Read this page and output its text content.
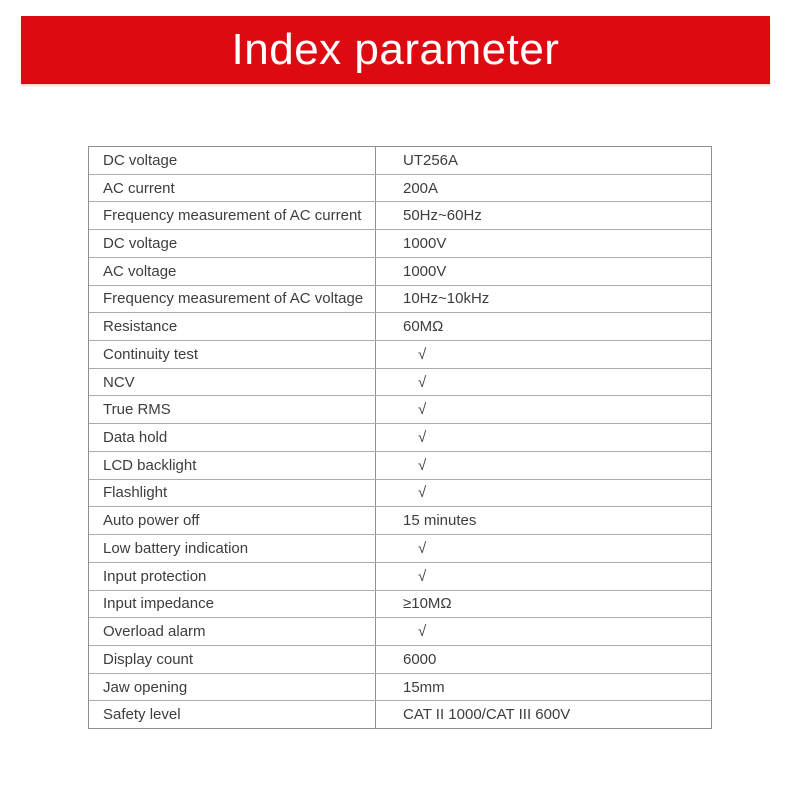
Index parameter
DC voltage	UT256A
AC current	200A
Frequency measurement of AC current	50Hz~60Hz
DC voltage	1000V
AC voltage	1000V
Frequency measurement of AC voltage	10Hz~10kHz
Resistance	60MΩ
Continuity test	√
NCV	√
True RMS	√
Data hold	√
LCD backlight	√
Flashlight	√
Auto power off	15 minutes
Low battery indication	√
Input protection	√
Input impedance	≥10MΩ
Overload alarm	√
Display count	6000
Jaw opening	15mm
Safety level	CAT II 1000/CAT III 600V
